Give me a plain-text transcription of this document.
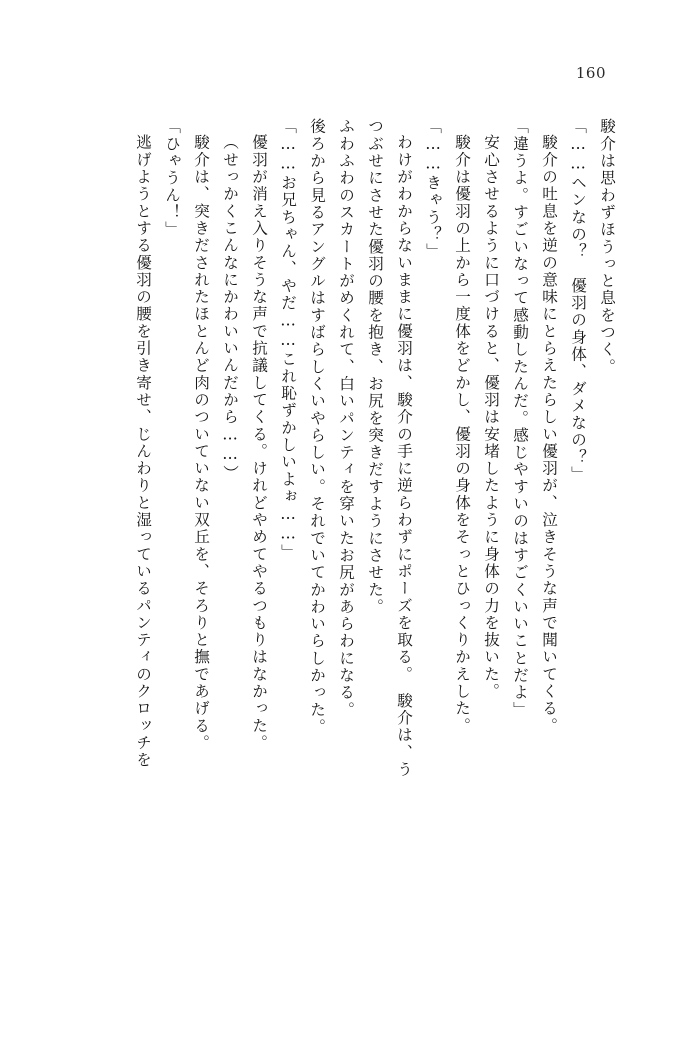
160
駿介は思わずほうっと息をつく。
「……ヘンなの？　優羽の身体、ダメなの？」
駿介の吐息を逆の意味にとらえたらしい優羽が、泣きそうな声で聞いてくる。
「違うよ。すごいなって感動したんだ。感じやすいのはすごくいいことだよ」
安心させるように口づけると、優羽は安堵したように身体の力を抜いた。
駿介は優羽の上から一度体をどかし、優羽の身体をそっとひっくりかえした。
「……きゃう？」
わけがわからないままに優羽は、駿介の手に逆らわずにポーズを取る。　駿介は、う
つぶせにさせた優羽の腰を抱き、お尻を突きだすようにさせた。
ふわふわのスカートがめくれて、白いパンティを穿いたお尻があらわになる。
後ろから見るアングルはすばらしくいやらしい。それでいてかわいらしかった。
「……お兄ちゃん、やだ……これ恥ずかしいよぉ……」
優羽が消え入りそうな声で抗議してくる。けれどやめてやるつもりはなかった。
（せっかくこんなにかわいいんだから……）
駿介は、突きだされたほとんど肉のついていない双丘を、そろりと撫であげる。
「ひゃうん！」
逃げようとする優羽の腰を引き寄せ、じんわりと湿っているパンティのクロッチを
